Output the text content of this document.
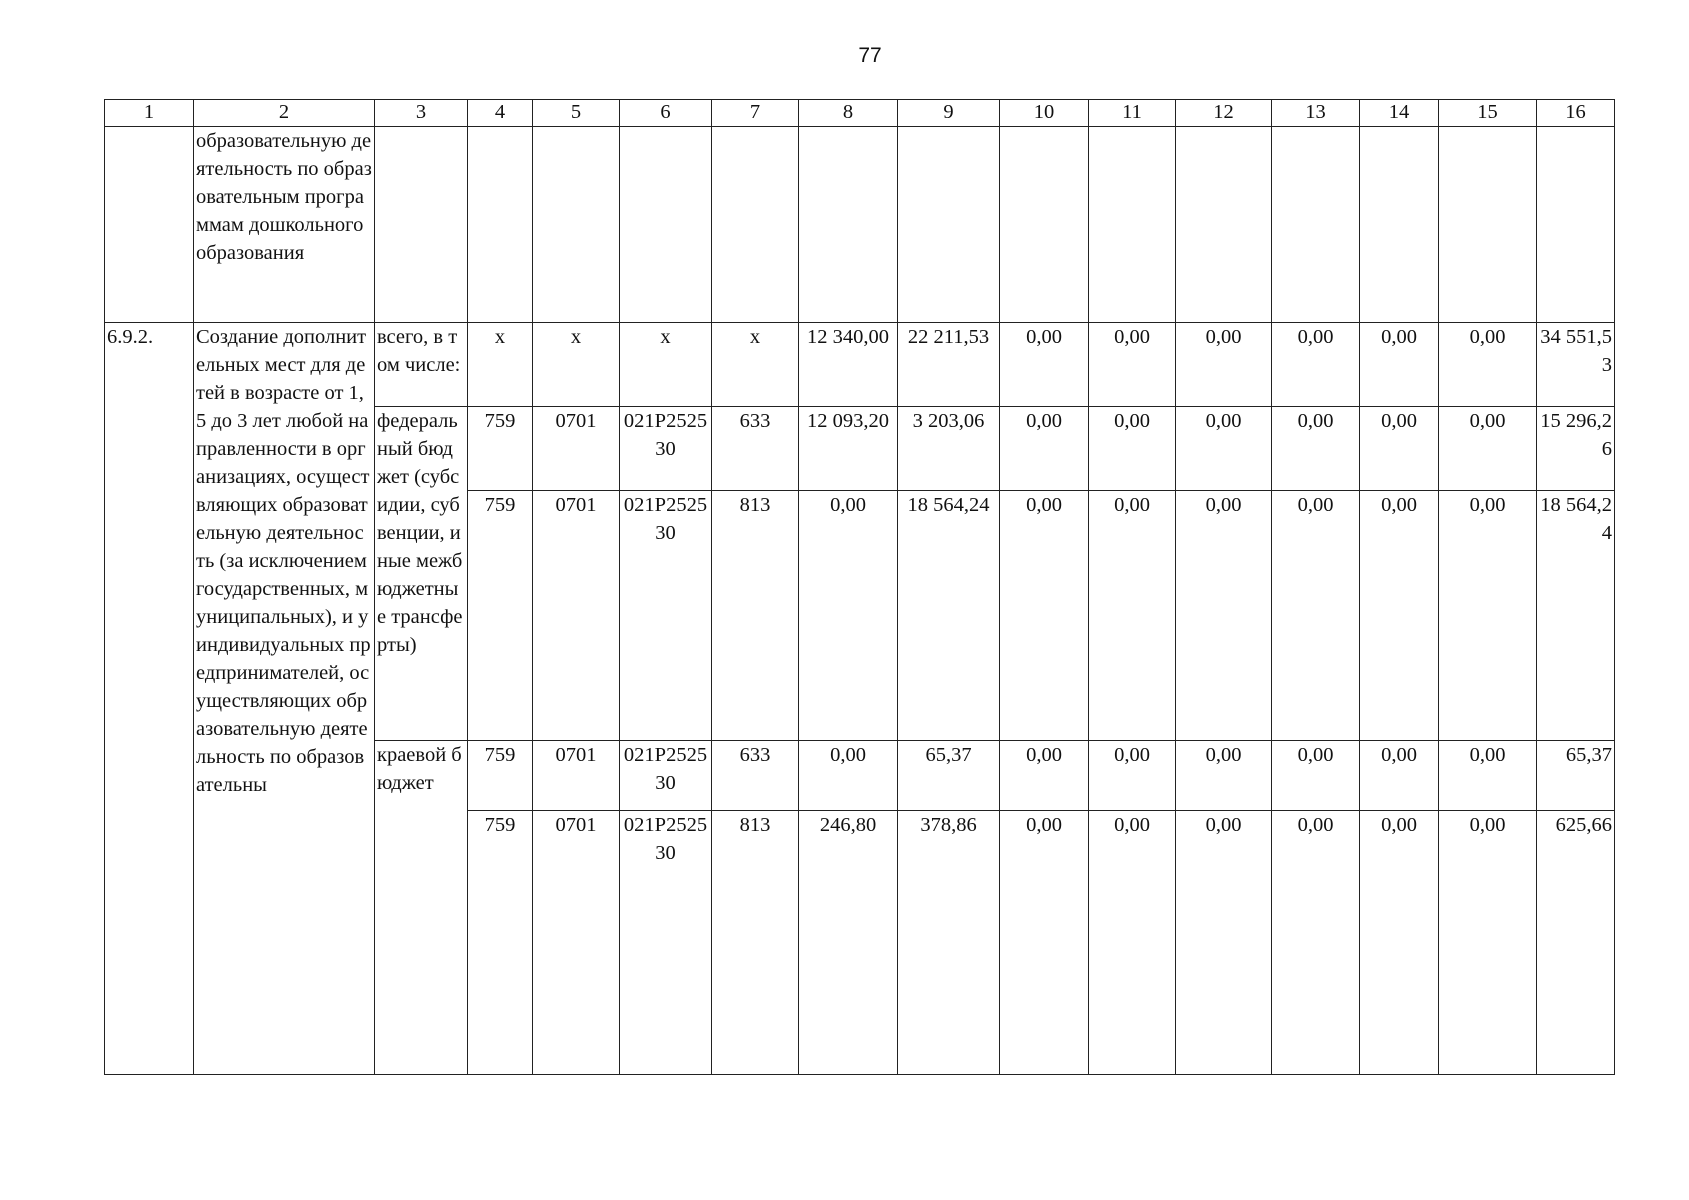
77
1	2	3	4	5	6	7	8	9	10	11	12	13	14	15	16
	образовательную деятельность по образовательным программам дошкольного образования														
6.9.2.	Создание дополнительных мест для детей в возрасте от 1,5 до 3 лет любой направленности в организациях, осуществляющих образовательную деятельность (за исключением государственных, муниципальных), и у индивидуальных предпринимателей, осуществляющих образовательную деятельность по образовательны	всего, в том числе:	x	x	x	x	12 340,00	22 211,53	0,00	0,00	0,00	0,00	0,00	0,00	34 551,53
		федеральный бюджет (субсидии, субвенции, иные межбюджетные трансферты)	759	0701	021P252530	633	12 093,20	3 203,06	0,00	0,00	0,00	0,00	0,00	0,00	15 296,26
			759	0701	021P252530	813	0,00	18 564,24	0,00	0,00	0,00	0,00	0,00	0,00	18 564,24
		краевой бюджет	759	0701	021P252530	633	0,00	65,37	0,00	0,00	0,00	0,00	0,00	0,00	65,37
			759	0701	021P252530	813	246,80	378,86	0,00	0,00	0,00	0,00	0,00	0,00	625,66
